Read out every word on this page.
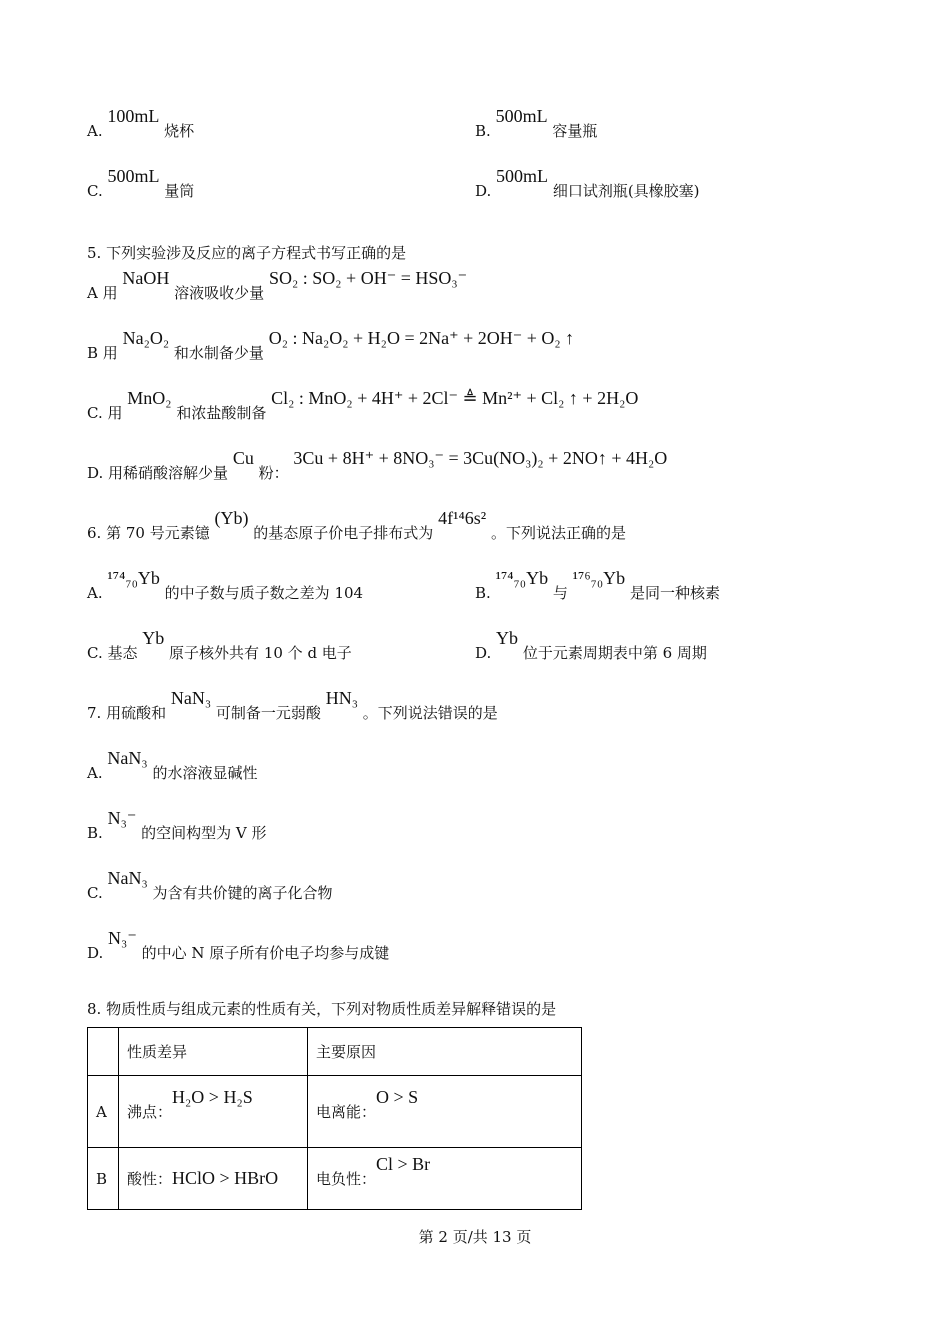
A. 100mL 烧杯	B. 500mL 容量瓶
C. 500mL 量筒	D. 500mL 细口试剂瓶(具橡胶塞)
5. 下列实验涉及反应的离子方程式书写正确的是
A 用 NaOH 溶液吸收少量 SO₂ : SO₂ + OH⁻ = HSO₃⁻
B 用 Na₂O₂ 和水制备少量 O₂ : Na₂O₂ + H₂O = 2Na⁺ + 2OH⁻ + O₂ ↑
C. 用 MnO₂ 和浓盐酸制备 Cl₂ : MnO₂ + 4H⁺ + 2Cl⁻ ≜ Mn²⁺ + Cl₂ ↑ + 2H₂O
D. 用稀硝酸溶解少量 Cu 粉： 3Cu + 8H⁺ + 8NO₃⁻ = 3Cu(NO₃)₂ + 2NO↑ + 4H₂O
6. 第 70 号元素镱 (Yb) 的基态原子价电子排布式为 4f¹⁴6s² 。下列说法正确的是
A. ¹⁷⁴₇₀Yb 的中子数与质子数之差为 104	B. ¹⁷⁴₇₀Yb 与 ¹⁷⁶₇₀Yb 是同一种核素
C. 基态 Yb 原子核外共有 10 个 d 电子	D. Yb 位于元素周期表中第 6 周期
7. 用硫酸和 NaN₃ 可制备一元弱酸 HN₃ 。下列说法错误的是
A. NaN₃ 的水溶液显碱性
B. N₃⁻ 的空间构型为 V 形
C. NaN₃ 为含有共价键的离子化合物
D. N₃⁻ 的中心 N 原子所有价电子均参与成键
8. 物质性质与组成元素的性质有关，下列对物质性质差异解释错误的是
	性质差异	主要原因
A	沸点：H₂O > H₂S	电离能：O > S
B	酸性：HClO > HBrO	电负性：Cl > Br
第 2 页/共 13 页
